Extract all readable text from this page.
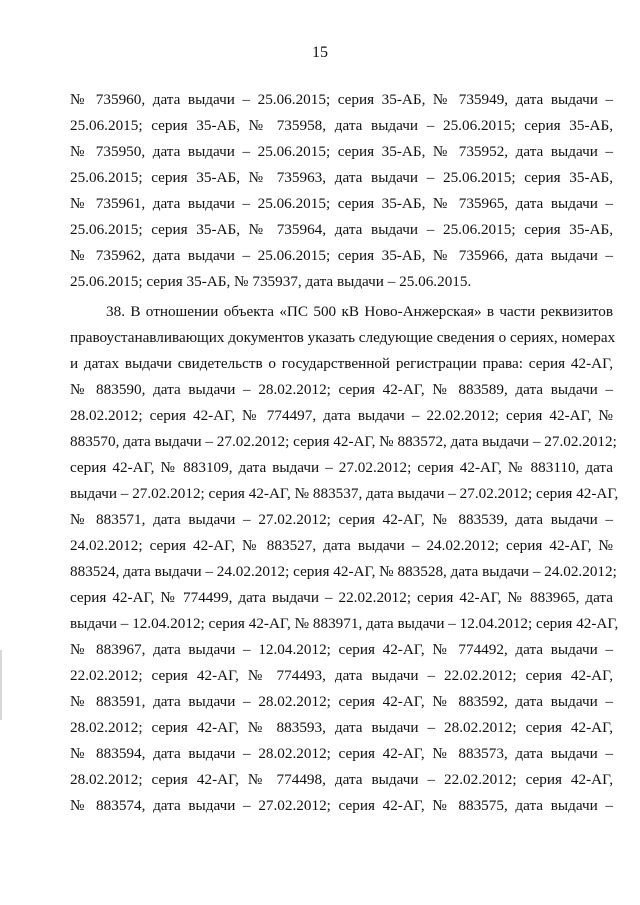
15
№ 735960, дата выдачи – 25.06.2015; серия 35-АБ, № 735949, дата выдачи –
25.06.2015; серия 35-АБ, № 735958, дата выдачи – 25.06.2015; серия 35-АБ,
№ 735950, дата выдачи – 25.06.2015; серия 35-АБ, № 735952, дата выдачи –
25.06.2015; серия 35-АБ, № 735963, дата выдачи – 25.06.2015; серия 35-АБ,
№ 735961, дата выдачи – 25.06.2015; серия 35-АБ, № 735965, дата выдачи –
25.06.2015; серия 35-АБ, № 735964, дата выдачи – 25.06.2015; серия 35-АБ,
№ 735962, дата выдачи – 25.06.2015; серия 35-АБ, № 735966, дата выдачи –
25.06.2015; серия 35-АБ, № 735937, дата выдачи – 25.06.2015.
38. В отношении объекта «ПС 500 кВ Ново-Анжерская» в части реквизитов
правоустанавливающих документов указать следующие сведения о сериях, номерах
и датах выдачи свидетельств о государственной регистрации права: серия 42-АГ,
№ 883590, дата выдачи – 28.02.2012; серия 42-АГ, № 883589, дата выдачи –
28.02.2012; серия 42-АГ, № 774497, дата выдачи – 22.02.2012; серия 42-АГ, №
883570, дата выдачи – 27.02.2012; серия 42-АГ, № 883572, дата выдачи – 27.02.2012;
серия 42-АГ, № 883109, дата выдачи – 27.02.2012; серия 42-АГ, № 883110, дата
выдачи – 27.02.2012; серия 42-АГ, № 883537, дата выдачи – 27.02.2012; серия 42-АГ,
№ 883571, дата выдачи – 27.02.2012; серия 42-АГ, № 883539, дата выдачи –
24.02.2012; серия 42-АГ, № 883527, дата выдачи – 24.02.2012; серия 42-АГ, №
883524, дата выдачи – 24.02.2012; серия 42-АГ, № 883528, дата выдачи – 24.02.2012;
серия 42-АГ, № 774499, дата выдачи – 22.02.2012; серия 42-АГ, № 883965, дата
выдачи – 12.04.2012; серия 42-АГ, № 883971, дата выдачи – 12.04.2012; серия 42-АГ,
№ 883967, дата выдачи – 12.04.2012; серия 42-АГ, № 774492, дата выдачи –
22.02.2012; серия 42-АГ, № 774493, дата выдачи – 22.02.2012; серия 42-АГ,
№ 883591, дата выдачи – 28.02.2012; серия 42-АГ, № 883592, дата выдачи –
28.02.2012; серия 42-АГ, № 883593, дата выдачи – 28.02.2012; серия 42-АГ,
№ 883594, дата выдачи – 28.02.2012; серия 42-АГ, № 883573, дата выдачи –
28.02.2012; серия 42-АГ, № 774498, дата выдачи – 22.02.2012; серия 42-АГ,
№ 883574, дата выдачи – 27.02.2012; серия 42-АГ, № 883575, дата выдачи –
